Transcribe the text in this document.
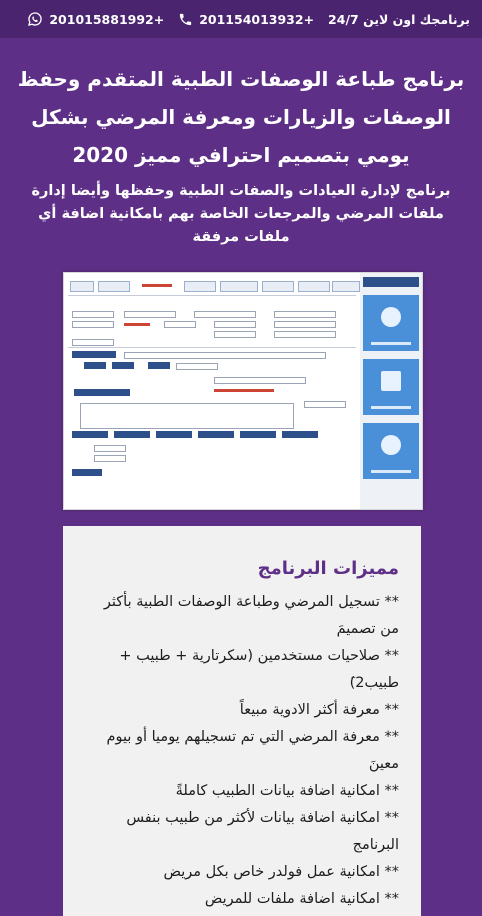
برنامجك اون لاين 24/7
201154013932+
201015881992+
برنامج طباعة الوصفات الطبية المتقدم وحفظ الوصفات والزيارات ومعرفة المرضي بشكل يومي بتصميم احترافي مميز 2020

برنامج لإدارة العيادات والصفات الطبية وحفظها وأيضا إدارة ملفات المرضي والمرجعات الخاصة بهم بامكانية اضافة أي ملفات مرفقة

مميزات البرنامج
** تسجيل المرضي وطباعة الوصفات الطبية بأكثر من تصميمَ
** صلاحيات مستخدمين (سكرتارية + طبيب + طبيب2)َ
** معرفة أكثر الادوية مبيعاً
** معرفة المرضي التي تم تسجيلهم يوميا أو بيوم معينَ
** امكانية اضافة بيانات الطبيب كاملةً
** امكانية اضافة بيانات لأكثر من طبيب بنفس البرنامج
** امكانية عمل فولدر خاص بكل مريض
** امكانية اضافة ملفات للمريض
